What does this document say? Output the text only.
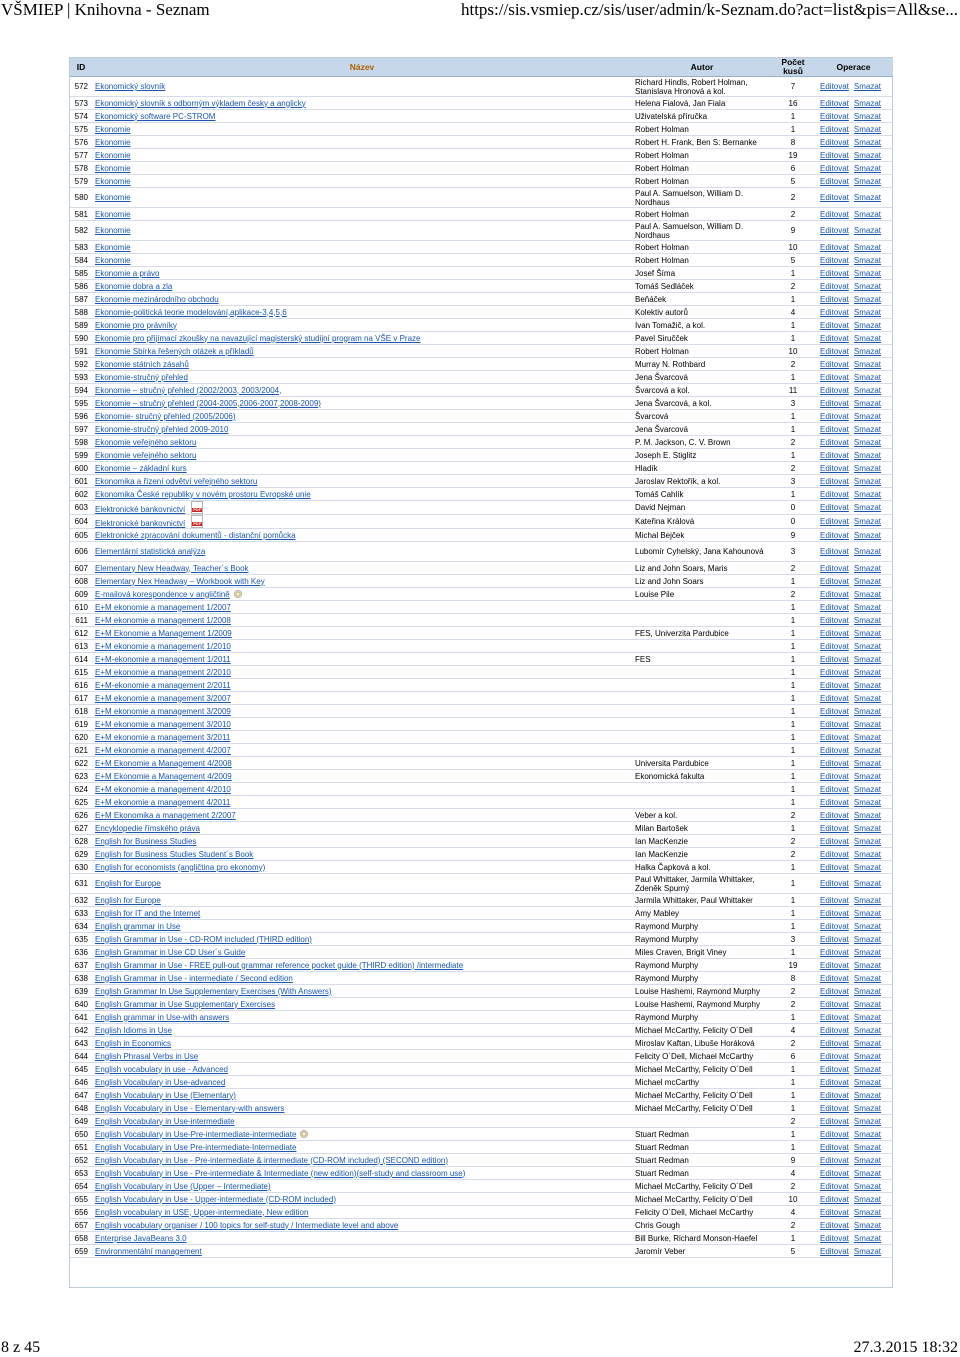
VŠMIEP | Knihovna - Seznam	https://sis.vsmiep.cz/sis/user/admin/k-Seznam.do?act=list&pis=All&se...
ID	Název	Autor	Počet kusů	Operace
572	Ekonomický slovník	Richard Hindls, Robert Holman, Stanislava Hronová a kol.	7	Editovat Smazat
573	Ekonomický slovník s odborným výkladem česky a anglicky	Helena Fialová, Jan Fiala	16	Editovat Smazat
574	Ekonomický software PC-STROM	Uživatelská příručka	1	Editovat Smazat
575	Ekonomie	Robert Holman	1	Editovat Smazat
576	Ekonomie	Robert H. Frank, Ben S: Bernanke	8	Editovat Smazat
577	Ekonomie	Robert Holman	19	Editovat Smazat
578	Ekonomie	Robert Holman	6	Editovat Smazat
579	Ekonomie	Robert Holman	5	Editovat Smazat
580	Ekonomie	Paul A. Samuelson, William D. Nordhaus	2	Editovat Smazat
581	Ekonomie	Robert Holman	2	Editovat Smazat
582	Ekonomie	Paul A. Samuelson, William D. Nordhaus	9	Editovat Smazat
583	Ekonomie	Robert Holman	10	Editovat Smazat
584	Ekonomie	Robert Holman	5	Editovat Smazat
585	Ekonomie a právo	Josef Šíma	1	Editovat Smazat
586	Ekonomie dobra a zla	Tomáš Sedláček	2	Editovat Smazat
587	Ekonomie mezinárodního obchodu	Beňáček	1	Editovat Smazat
588	Ekonomie-politická teorie modelování,aplikace-3,4,5,6	Kolektiv autorů	4	Editovat Smazat
589	Ekonomie pro právníky	Ivan Tomažič, a kol.	1	Editovat Smazat
590	Ekonomie pro přijímací zkoušky na navazující magisterský studijní program na VŠE v Praze	Pavel Siručček	1	Editovat Smazat
591	Ekonomie Sbírka řešených otázek a příkladů	Robert Holman	10	Editovat Smazat
592	Ekonomie státních zásahů	Murray N. Rothbard	2	Editovat Smazat
593	Ekonomie-stručný přehled	Jena Švarcová	1	Editovat Smazat
594	Ekonomie – stručný přehled (2002/2003, 2003/2004,	Švarcová a kol.	11	Editovat Smazat
595	Ekonomie – stručný přehled (2004-2005,2006-2007,2008-2009)	Jena Švarcová, a kol.	3	Editovat Smazat
596	Ekonomie- stručný přehled (2005/2006)	Švarcová	1	Editovat Smazat
597	Ekonomie-stručný přehled 2009-2010	Jena Švarcová	1	Editovat Smazat
598	Ekonomie veřejného sektoru	P. M. Jackson, C. V. Brown	2	Editovat Smazat
599	Ekonomie veřejného sektoru	Joseph E. Stiglitz	1	Editovat Smazat
600	Ekonomie – základní kurs	Hladík	2	Editovat Smazat
601	Ekonomika a řízení odvětví veřejného sektoru	Jaroslav Rektořík, a kol.	3	Editovat Smazat
602	Ekonomika České republiky v novém prostoru Evropské unie	Tomáš Cahlík	1	Editovat Smazat
603	Elektronické bankovnictvíPDF	David Nejman	0	Editovat Smazat
604	Elektronické bankovnictvíPDF	Kateřina Králová	0	Editovat Smazat
605	Elektronické zpracování dokumentů - distanční pomůcka	Michal Bejček	9	Editovat Smazat
606	Elementární statistická analýza	Lubomír Cyhelský, Jana Kahounová	3	Editovat Smazat
607	Elementary New Headway, Teacher´s Book	Liz and John Soars, Maris	2	Editovat Smazat
608	Elementary Nex Headway – Workbook with Key	Liz and John Soars	1	Editovat Smazat
609	E-mailová korespondence v angličtině	Louise Pile	2	Editovat Smazat
610	E+M ekonomie a management 1/2007		1	Editovat Smazat
611	E+M ekonomie a management 1/2008		1	Editovat Smazat
612	E+M Ekonomie a Management 1/2009	FES, Univerzita Pardubice	1	Editovat Smazat
613	E+M ekonomie a management 1/2010		1	Editovat Smazat
614	E+M-ekonomie a management 1/2011	FES	1	Editovat Smazat
615	E+M ekonomie a management 2/2010		1	Editovat Smazat
616	E+M-ekonomie a management 2/2011		1	Editovat Smazat
617	E+M ekonomie a management 3/2007		1	Editovat Smazat
618	E+M ekonomie a management 3/2009		1	Editovat Smazat
619	E+M ekonomie a management 3/2010		1	Editovat Smazat
620	E+M ekonomie a management 3/2011		1	Editovat Smazat
621	E+M ekonomie a management 4/2007		1	Editovat Smazat
622	E+M Ekonomie a Management 4/2008	Universita Pardubice	1	Editovat Smazat
623	E+M Ekonomie a Management 4/2009	Ekonomická fakulta	1	Editovat Smazat
624	E+M ekonomie a management 4/2010		1	Editovat Smazat
625	E+M ekonomie a management 4/2011		1	Editovat Smazat
626	E+M Ekonomika a management 2/2007	Veber a kol.	2	Editovat Smazat
627	Encyklopedie římského práva	Milan Bartošek	1	Editovat Smazat
628	English for Business Studies	Ian MacKenzie	2	Editovat Smazat
629	English for Business Studies Student´s Book	Ian MacKenzie	2	Editovat Smazat
630	English for economists (angličtina pro ekonomy)	Halka Čapková a kol.	1	Editovat Smazat
631	English for Europe	Paul Whittaker, Jarmila Whittaker, Zdeněk Spurný	1	Editovat Smazat
632	English for Europe	Jarmila Whittaker, Paul Whittaker	1	Editovat Smazat
633	English for IT and the Internet	Amy Mabley	1	Editovat Smazat
634	English grammar in Use	Raymond Murphy	1	Editovat Smazat
635	English Grammar in Use - CD-ROM included (THIRD edition)	Raymond Murphy	3	Editovat Smazat
636	English Grammar in Use CD User´s Guide	Miles Craven, Brigit Viney	1	Editovat Smazat
637	English Grammar in Use - FREE pull-out grammar reference pocket guide (THIRD edition) /intermediate	Raymond Murphy	19	Editovat Smazat
638	English Grammar in Use - intermediate / Second edition	Raymond Murphy	8	Editovat Smazat
639	English Grammar In Use Supplementary Exercises (With Answers)	Louise Hashemi, Raymond Murphy	2	Editovat Smazat
640	English Grammar in Use Supplementary Exercises	Louise Hashemi, Raymond Murphy	2	Editovat Smazat
641	English grammar in Use-with answers	Raymond Murphy	1	Editovat Smazat
642	English Idioms in Use	Michael McCarthy, Felicity O´Dell	4	Editovat Smazat
643	English in Economics	Miroslav Kaftan, Libuše Horáková	2	Editovat Smazat
644	English Phrasal Verbs in Use	Felicity O´Dell, Michael McCarthy	6	Editovat Smazat
645	English vocabulary in use - Advanced	Michael McCarthy, Felicity O´Dell	1	Editovat Smazat
646	English Vocabulary in Use-advanced	Michael mcCarthy	1	Editovat Smazat
647	English Vocabulary in Use (Elementary)	Michael McCarthy, Felicity O´Dell	1	Editovat Smazat
648	English Vocabulary in Use - Elementary-with answers	Michael McCarthy, Felicity O´Dell	1	Editovat Smazat
649	English Vocabulary in Use-intermediate		2	Editovat Smazat
650	English Vocabulary in Use-Pre-intermediate-intermediate	Stuart Redman	1	Editovat Smazat
651	English Vocabulary in Use Pre-intermediate-Intermediate	Stuart Redman	1	Editovat Smazat
652	English Vocabulary in Use - Pre-intermediate & intermediate (CD-ROM included) (SECOND edition)	Stuart Redman	9	Editovat Smazat
653	English Vocabulary in Use - Pre-intermediate & Intermediate (new edition)(self-study and classroom use)	Stuart Redman	4	Editovat Smazat
654	English Vocabulary in Use (Upper – Intermediate)	Michael McCarthy, Felicity O´Dell	2	Editovat Smazat
655	English Vocabulary in Use - Upper-intermediate (CD-ROM included)	Michael McCarthy, Felicity O´Dell	10	Editovat Smazat
656	English vocabulary in USE, Upper-intermediate, New edition	Felicity O´Dell, Michael McCarthy	4	Editovat Smazat
657	English vocabulary organiser / 100 topics for self-study / Intermediate level and above	Chris Gough	2	Editovat Smazat
658	Enterprise JavaBeans 3.0	Bill Burke, Richard Monson-Haefel	1	Editovat Smazat
659	Environmentální management	Jaromír Veber	5	Editovat Smazat
8 z 45	27.3.2015 18:32
